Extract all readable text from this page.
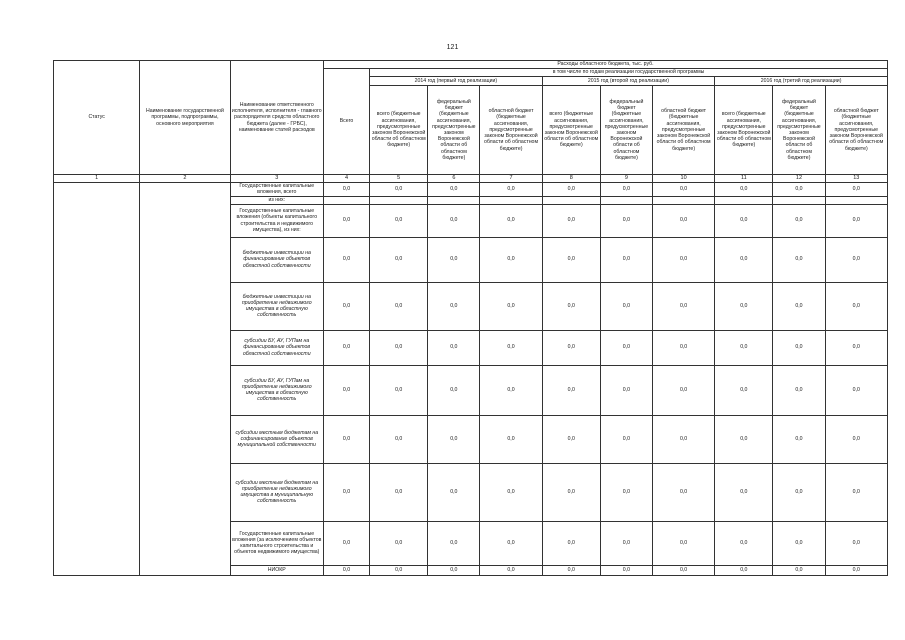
121
Статус	Наименование государственной программы, подпрограммы, основного мероприятия	Наименование ответственного исполнителя, исполнителя - главного распорядителя средств областного бюджета (далее - ГРБС), наименование статей расходов	Расходы областного бюджета, тыс. руб.									
			Всего	в том числе по годам реализации государственной программы								
				2014 год (первый год реализации)			2015 год (второй год реализации)			2016 год (третий год реализации)		
				всего (бюджетные ассигнования, предусмотренные законом Воронежской области об областном бюджете)	федеральный бюджет (бюджетные ассигнования, предусмотренные законом Воронежской области об областном бюджете)	областной бюджет (бюджетные ассигнования, предусмотренные законом Воронежской области об областном бюджете)	всего (бюджетные ассигнования, предусмотренные законом Воронежской области об областном бюджете)	федеральный бюджет (бюджетные ассигнования, предусмотренные законом Воронежской области об областном бюджете)	областной бюджет (бюджетные ассигнования, предусмотренные законом Воронежской области об областном бюджете)	всего (бюджетные ассигнования, предусмотренные законом Воронежской области об областном бюджете)	федеральный бюджет (бюджетные ассигнования, предусмотренные законом Воронежской области об областном бюджете)	областной бюджет (бюджетные ассигнования, предусмотренные законом Воронежской области об областном бюджете)
1	2	3	4	5	6	7	8	9	10	11	12	13
		Государственные капитальные вложения, всего	0,0	0,0	0,0	0,0	0,0	0,0	0,0	0,0	0,0	0,0
		из них:										
		Государственные капитальные вложения (объекты капитального строительства и недвижимого имущества), из них:	0,0	0,0	0,0	0,0	0,0	0,0	0,0	0,0	0,0	0,0
		бюджетные инвестиции на финансирование объектов областной собственности	0,0	0,0	0,0	0,0	0,0	0,0	0,0	0,0	0,0	0,0
		бюджетные инвестиции на приобретение недвижимого имущества в областную собственность	0,0	0,0	0,0	0,0	0,0	0,0	0,0	0,0	0,0	0,0
		субсидии БУ, АУ, ГУПам на финансирование объектов областной собственности	0,0	0,0	0,0	0,0	0,0	0,0	0,0	0,0	0,0	0,0
		субсидии БУ, АУ, ГУПам на приобретение недвижимого имущества в областную собственность	0,0	0,0	0,0	0,0	0,0	0,0	0,0	0,0	0,0	0,0
		субсидии местным бюджетам на софинансирование объектов муниципальной собственности	0,0	0,0	0,0	0,0	0,0	0,0	0,0	0,0	0,0	0,0
		субсидии местным бюджетам на приобретение недвижимого имущества в муниципальную собственность	0,0	0,0	0,0	0,0	0,0	0,0	0,0	0,0	0,0	0,0
		Государственные капитальные вложения (за исключением объектов капитального строительства и объектов недвижимого имущества)	0,0	0,0	0,0	0,0	0,0	0,0	0,0	0,0	0,0	0,0
		НИОКР	0,0	0,0	0,0	0,0	0,0	0,0	0,0	0,0	0,0	0,0
